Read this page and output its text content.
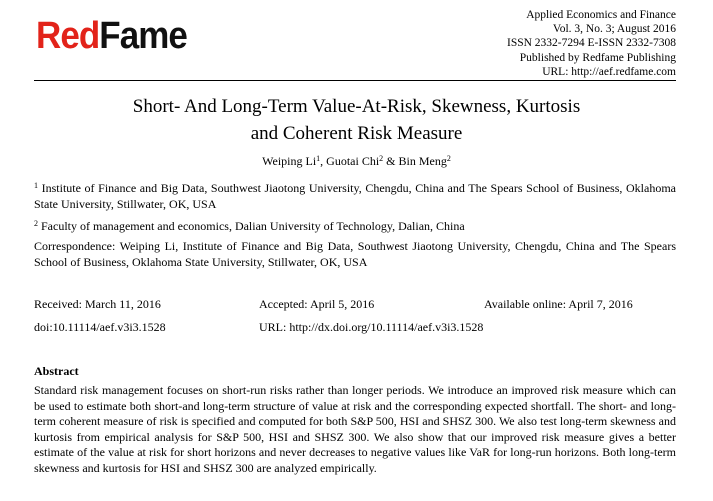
RedFame	Applied Economics and Finance
Vol. 3, No. 3; August 2016
ISSN 2332-7294 E-ISSN 2332-7308
Published by Redfame Publishing
URL: http://aef.redfame.com
Short- And Long-Term Value-At-Risk, Skewness, Kurtosis
and Coherent Risk Measure
Weiping Li$^1$, Guotai Chi$^2$ & Bin Meng$^2$
$^1$ Institute of Finance and Big Data, Southwest Jiaotong University, Chengdu, China and The Spears School of Business, Oklahoma State University, Stillwater, OK, USA
$^2$ Faculty of management and economics, Dalian University of Technology, Dalian, China
Correspondence: Weiping Li, Institute of Finance and Big Data, Southwest Jiaotong University, Chengdu, China and The Spears School of Business, Oklahoma State University, Stillwater, OK, USA
Received: March 11, 2016	Accepted: April 5, 2016	Available online: April 7, 2016
doi:10.11114/aef.v3i3.1528	URL: http://dx.doi.org/10.11114/aef.v3i3.1528
Abstract
Standard risk management focuses on short-run risks rather than longer periods. We introduce an improved risk measure which can be used to estimate both short-and long-term structure of value at risk and the corresponding expected shortfall. The short- and long-term coherent measure of risk is specified and computed for both S&P 500, HSI and SHSZ 300. We also test long-term skewness and kurtosis from empirical analysis for S&P 500, HSI and SHSZ 300. We also show that our improved risk measure gives a better estimate of the value at risk for short horizons and never decreases to negative values like VaR for long-run horizons. Both long-term skewness and kurtosis for HSI and SHSZ 300 are analyzed empirically.
